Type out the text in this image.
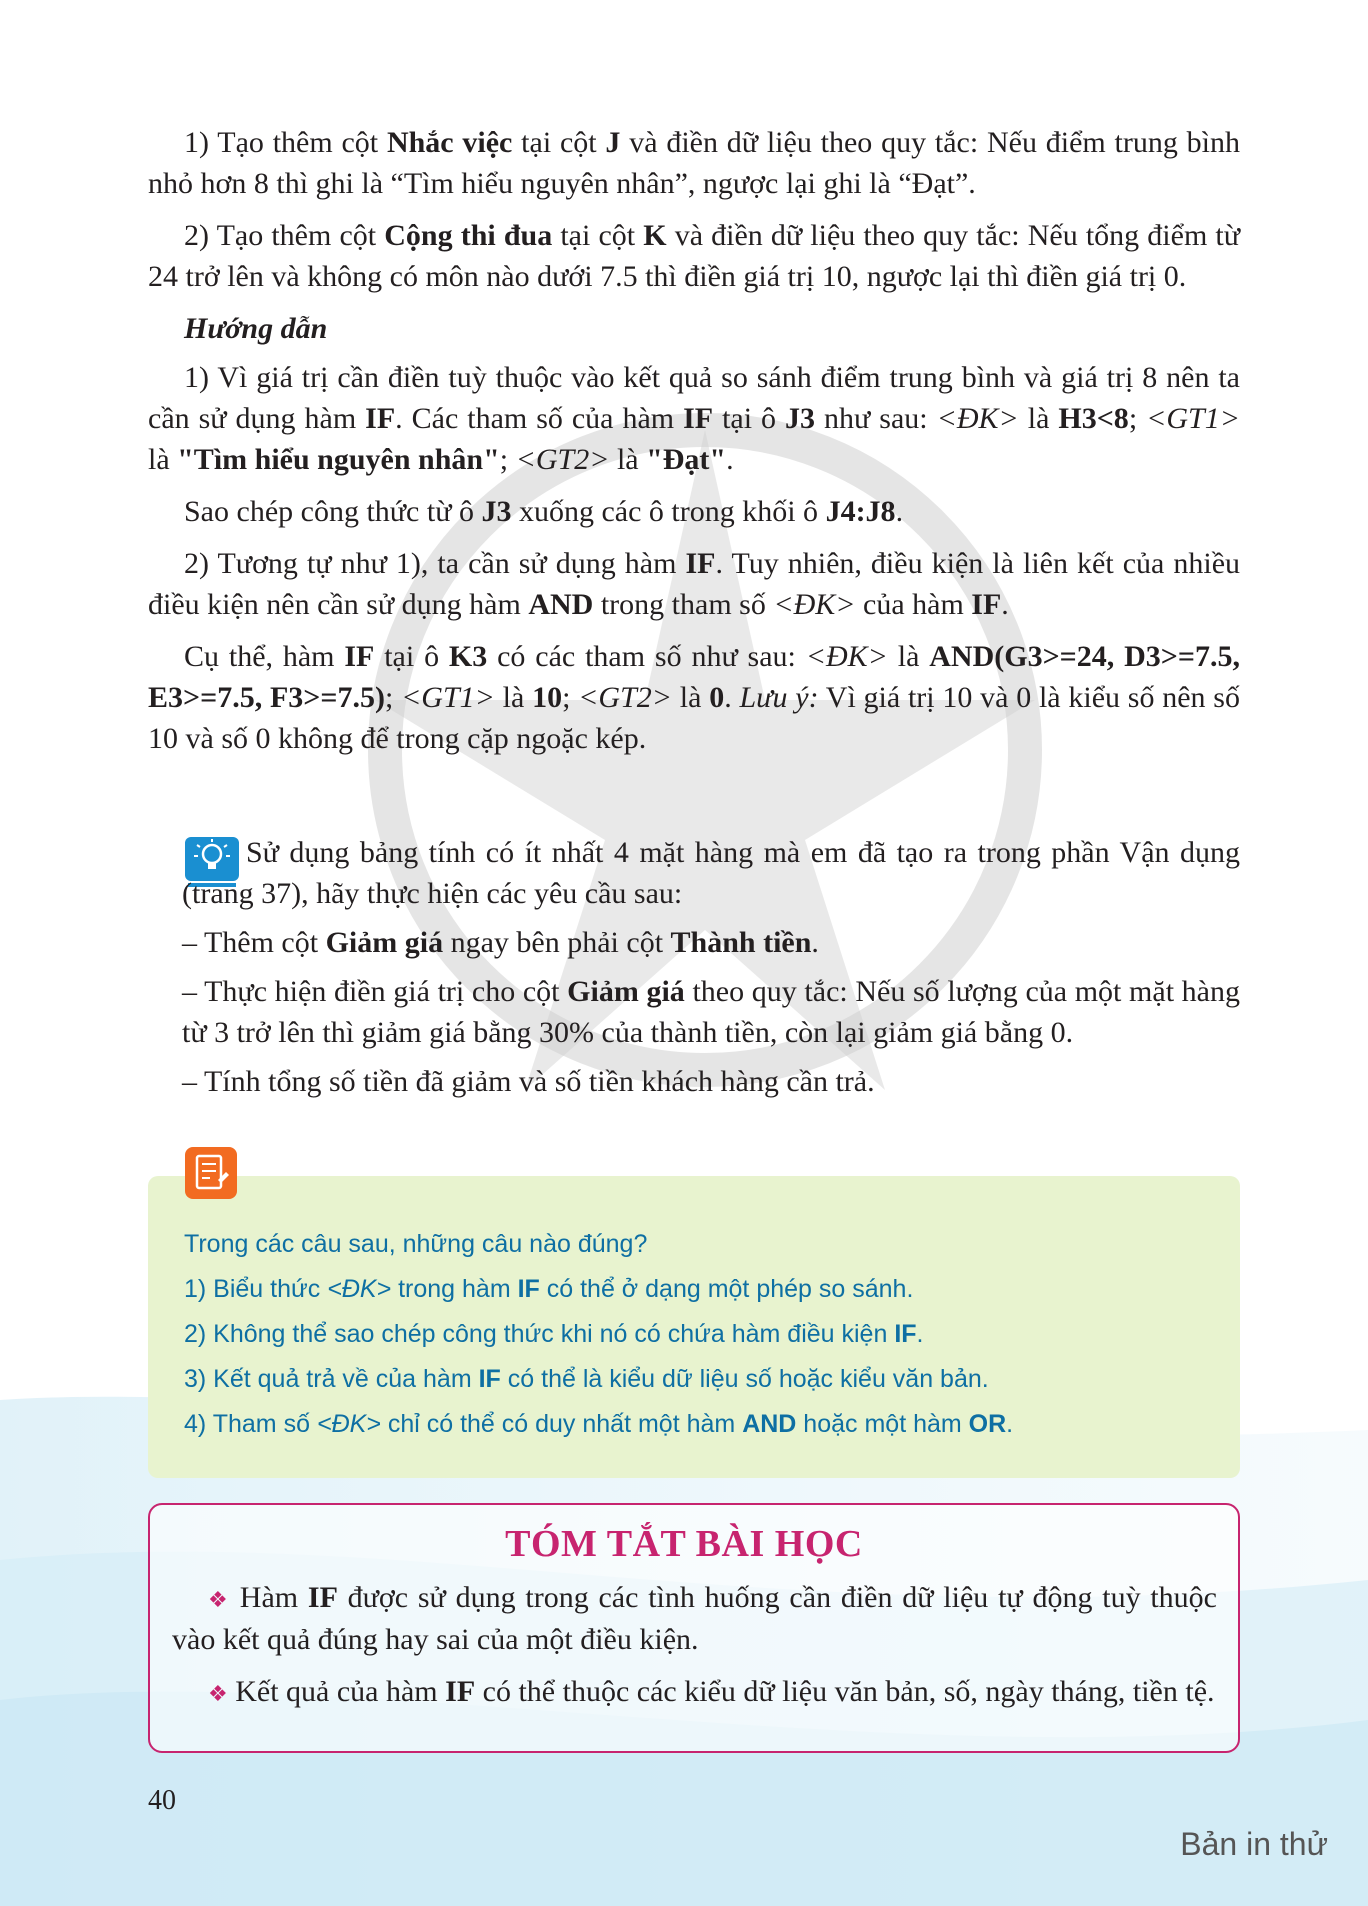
1) Tạo thêm cột Nhắc việc tại cột J và điền dữ liệu theo quy tắc: Nếu điểm trung bình nhỏ hơn 8 thì ghi là “Tìm hiểu nguyên nhân”, ngược lại ghi là “Đạt”.

2) Tạo thêm cột Cộng thi đua tại cột K và điền dữ liệu theo quy tắc: Nếu tổng điểm từ 24 trở lên và không có môn nào dưới 7.5 thì điền giá trị 10, ngược lại thì điền giá trị 0.

Hướng dẫn

1) Vì giá trị cần điền tuỳ thuộc vào kết quả so sánh điểm trung bình và giá trị 8 nên ta cần sử dụng hàm IF. Các tham số của hàm IF tại ô J3 như sau: <ĐK> là H3<8; <GT1> là "Tìm hiểu nguyên nhân"; <GT2> là "Đạt".

Sao chép công thức từ ô J3 xuống các ô trong khối ô J4:J8.

2) Tương tự như 1), ta cần sử dụng hàm IF. Tuy nhiên, điều kiện là liên kết của nhiều điều kiện nên cần sử dụng hàm AND trong tham số <ĐK> của hàm IF.

Cụ thể, hàm IF tại ô K3 có các tham số như sau: <ĐK> là AND(G3>=24, D3>=7.5, E3>=7.5, F3>=7.5); <GT1> là 10; <GT2> là 0. Lưu ý: Vì giá trị 10 và 0 là kiểu số nên số 10 và số 0 không để trong cặp ngoặc kép.

Sử dụng bảng tính có ít nhất 4 mặt hàng mà em đã tạo ra trong phần Vận dụng (trang 37), hãy thực hiện các yêu cầu sau:

– Thêm cột Giảm giá ngay bên phải cột Thành tiền.

– Thực hiện điền giá trị cho cột Giảm giá theo quy tắc: Nếu số lượng của một mặt hàng từ 3 trở lên thì giảm giá bằng 30% của thành tiền, còn lại giảm giá bằng 0.

– Tính tổng số tiền đã giảm và số tiền khách hàng cần trả.

Trong các câu sau, những câu nào đúng?
1) Biểu thức <ĐK> trong hàm IF có thể ở dạng một phép so sánh.
2) Không thể sao chép công thức khi nó có chứa hàm điều kiện IF.
3) Kết quả trả về của hàm IF có thể là kiểu dữ liệu số hoặc kiểu văn bản.
4) Tham số <ĐK> chỉ có thể có duy nhất một hàm AND hoặc một hàm OR.
TÓM TẮT BÀI HỌC

❖ Hàm IF được sử dụng trong các tình huống cần điền dữ liệu tự động tuỳ thuộc vào kết quả đúng hay sai của một điều kiện.

❖ Kết quả của hàm IF có thể thuộc các kiểu dữ liệu văn bản, số, ngày tháng, tiền tệ.

40
Bản in thử
